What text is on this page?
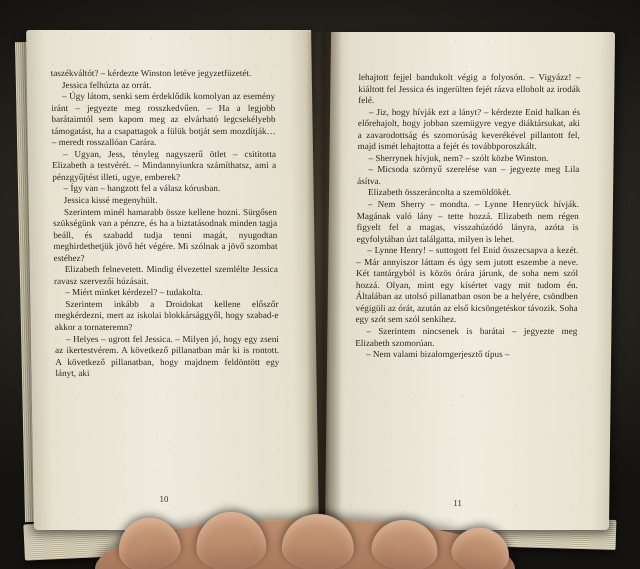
taszékváltót? – kérdezte Winston letéve jegyzetfüzetét.

Jessica felhúzta az orrát.

– Úgy látom, senki sem érdeklődik komolyan az esemény iránt – jegyezte meg rosszkedvűen. – Ha a legjobb barátaimtól sem kapom meg az elvárható legcsekélyebb támogatást, ha a csapattagok a fülük botját sem mozdítják… – meredt rosszallóan Carára.

– Ugyan, Jess, tényleg nagyszerű ötlet – csititotta Elizabeth a testvérét. – Mindannyiunkra számíthatsz, ami a pénzgyűjtést illeti, ugye, emberek?

– Így van – hangzott fel a válasz kórusban.

Jessica kissé megenyhült.

Szerintem minél hamarabb össze kellene hozni. Sürgősen szükségünk van a pénzre, és ha a biztatásodnak minden tagja beáll, és szabadd tudja tenni magát, nyugodtan meghirdethetjük jövő hét végére. Mi szólnak a jövő szombat estéhez?

Elizabeth felnevetett. Mindig élvezettel szemlélte Jessica ravasz szervezői húzásait.

– Miért minket kérdezel? – tudakolta.

Szerintem inkább a Droidokat kellene előszőr megkérdezni, mert az iskolai blokkársággyől, hogy szabad-e akkor a tornateremn?

– Helyes – ugrott fel Jessica. – Milyen jó, hogy egy zseni az ikertestvérem. A következő pillanatban már ki is rontott. A következő pillanatban, hogy majdnem feldöntött egy lányt, aki

10

lehajtott fejjel bandukolt végig a folyosón. – Vigyázz! – kiáltott fel Jessica és ingerülten fejét rázva elloholt az irodák felé.

– Jiz, hogy hívják ezt a lányt? – kérdezte Enid halkan és előrehajolt, hogy jobban szemügyre vegye diáktársukat, aki a zavarodottság és szomorúság keverékével pillantott fel, majd ismét lehajtotta a fejét és továbbporoszkált.

– Sherrynek hívjuk, nem? – szólt közbe Winston.

– Micsoda szörnyű szerelése van – jegyezte meg Lila ásítva.

Elizabeth összeráncolta a szemöldökét.

– Nem Sherry – mondta. – Lynne Henryück hívják. Magának való lány – tette hozzá. Elizabeth nem régen figyelt fel a magas, visszahúzódó lányra, azóta is egyfolytában úzt találgatta, milyen is lehet.

– Lynne Henry! – suttogott fel Enid összecsapva a kezét. – Már annyiszor láttam és úgy sem jutott eszembe a neve. Két tantárgyból is közös órára járunk, de soha nem szól hozzá. Olyan, mint egy kísértet vagy mit tudom én. Általában az utolsó pillanatban oson be a helyére, csöndben végigüli az órát, azután az első kicsöngetéskor távozik. Soha egy szót sem szól senkihez.

– Szerintem nincsenek is barátai – jegyezte meg Elizabeth szomorúan.

– Nem valami bizalomgerjesztő típus –

11
